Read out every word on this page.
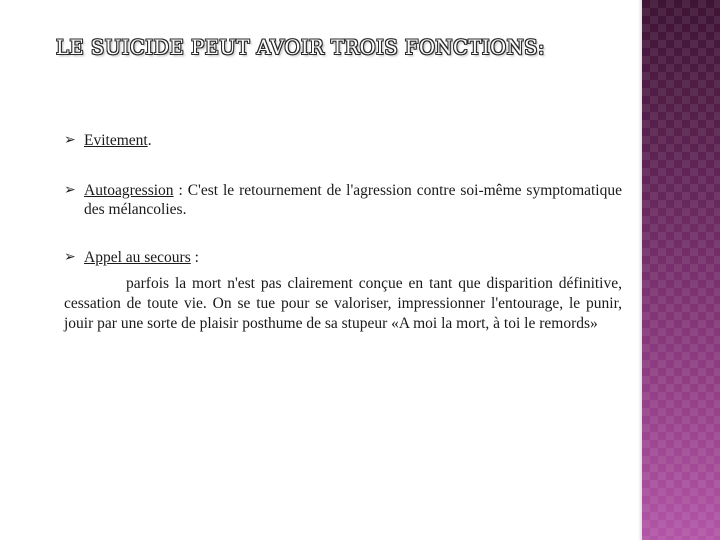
LE SUICIDE PEUT AVOIR TROIS FONCTIONS:
➢ Evitement.
➢ Autoagression : C'est le retournement de l'agression contre soi-même symptomatique des mélancolies.
➢ Appel au secours :
parfois la mort n'est pas clairement conçue en tant que disparition définitive, cessation de toute vie. On se tue pour se valoriser, impressionner l'entourage, le punir, jouir par une sorte de plaisir posthume de sa stupeur «A moi la mort, à toi le remords»
